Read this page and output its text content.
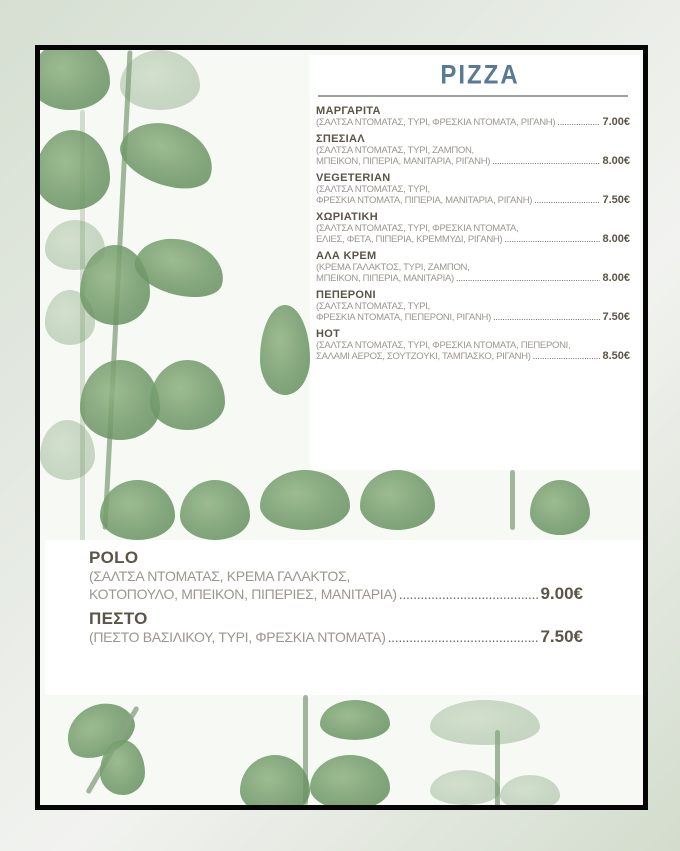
PIZZA
ΜΑΡΓΑΡΙΤΑ
(ΣΑΛΤΣΑ ΝΤΟΜΑΤΑΣ, ΤΥΡΙ, ΦΡΕΣΚΙΑ ΝΤΟΜΑΤΑ, ΡΙΓΑΝΗ) .....	7.00€
ΣΠΕΣΙΑΛ
(ΣΑΛΤΣΑ ΝΤΟΜΑΤΑΣ, ΤΥΡΙ, ΖΑΜΠΟΝ,
ΜΠΕΙΚΟΝ, ΠΙΠΕΡΙΑ, ΜΑΝΙΤΑΡΙΑ, ΡΙΓΑΝΗ) .....	8.00€
VEGETERIAN
(ΣΑΛΤΣΑ ΝΤΟΜΑΤΑΣ, ΤΥΡΙ,
ΦΡΕΣΚΙΑ ΝΤΟΜΑΤΑ, ΠΙΠΕΡΙΑ, ΜΑΝΙΤΑΡΙΑ, ΡΙΓΑΝΗ) .....	7.50€
ΧΩΡΙΑΤΙΚΗ
(ΣΑΛΤΣΑ ΝΤΟΜΑΤΑΣ, ΤΥΡΙ, ΦΡΕΣΚΙΑ ΝΤΟΜΑΤΑ,
ΕΛΙΕΣ, ΦΕΤΑ, ΠΙΠΕΡΙΑ, ΚΡΕΜΜΥΔΙ, ΡΙΓΑΝΗ) .....	8.00€
ΑΛΑ ΚΡΕΜ
(ΚΡΕΜΑ ΓΑΛΑΚΤΟΣ, ΤΥΡΙ, ΖΑΜΠΟΝ,
ΜΠΕΙΚΟΝ, ΠΙΠΕΡΙΑ, ΜΑΝΙΤΑΡΙΑ) .....	8.00€
ΠΕΠΕΡΟΝΙ
(ΣΑΛΤΣΑ ΝΤΟΜΑΤΑΣ, ΤΥΡΙ,
ΦΡΕΣΚΙΑ ΝΤΟΜΑΤΑ, ΠΕΠΕΡΟΝΙ, ΡΙΓΑΝΗ) .....	7.50€
HOT
(ΣΑΛΤΣΑ ΝΤΟΜΑΤΑΣ, ΤΥΡΙ, ΦΡΕΣΚΙΑ ΝΤΟΜΑΤΑ, ΠΕΠΕΡΟΝΙ,
ΣΑΛΑΜΙ ΑΕΡΟΣ, ΣΟΥΤΖΟΥΚΙ, ΤΑΜΠΑΣΚΟ, ΡΙΓΑΝΗ) .....	8.50€
POLO
(ΣΑΛΤΣΑ ΝΤΟΜΑΤΑΣ, ΚΡΕΜΑ ΓΑΛΑΚΤΟΣ,
ΚΟΤΟΠΟΥΛΟ, ΜΠΕΙΚΟΝ, ΠΙΠΕΡΙΕΣ, ΜΑΝΙΤΑΡΙΑ) .....	9.00€
ΠΕΣΤΟ
(ΠΕΣΤΟ ΒΑΣΙΛΙΚΟΥ, ΤΥΡΙ, ΦΡΕΣΚΙΑ ΝΤΟΜΑΤΑ) .....	7.50€
